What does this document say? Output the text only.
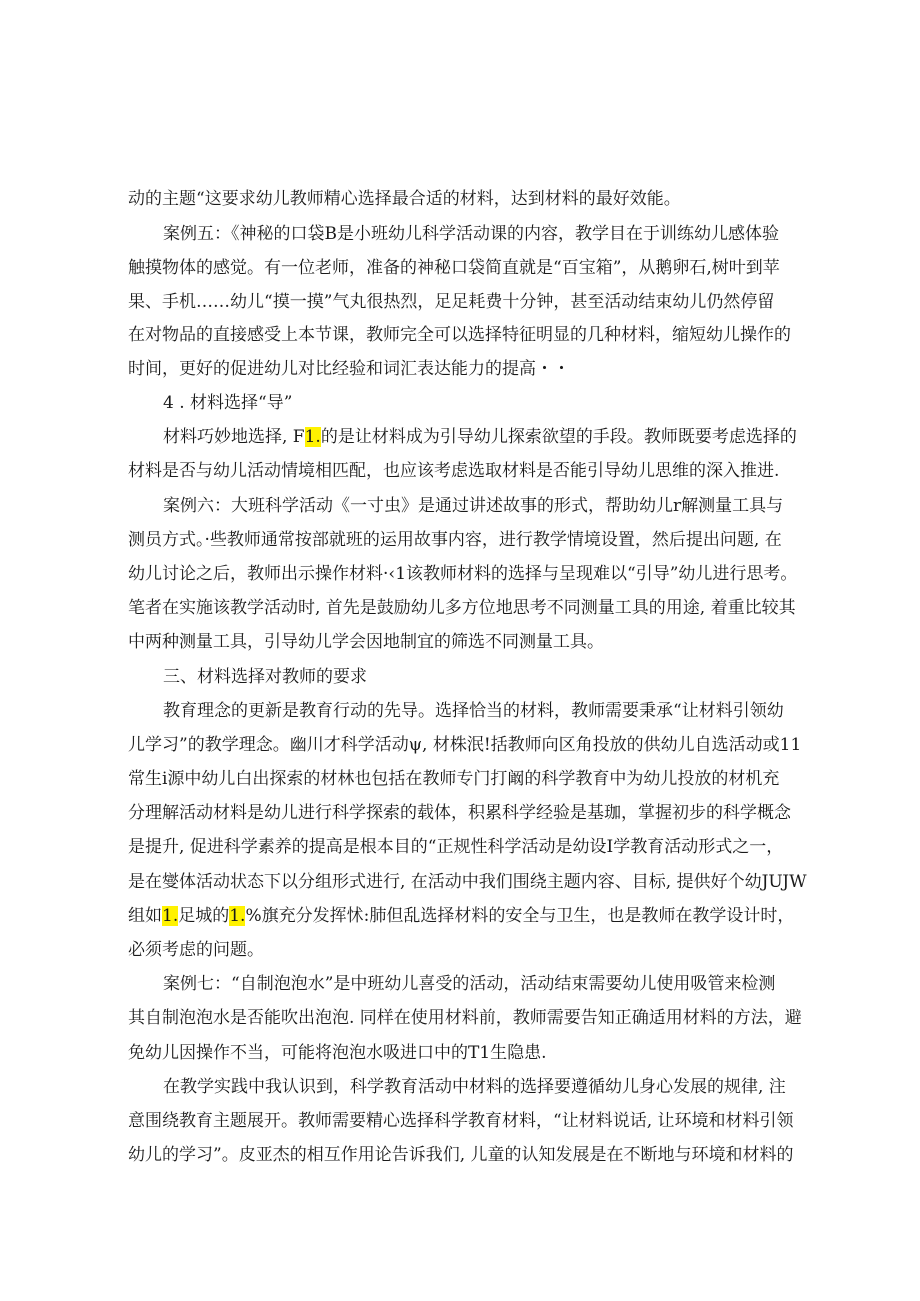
动的主题“这要求幼儿教师精心选择最合适的材料，达到材料的最好效能。

案例五：《神秘的口袋B是小班幼儿科学活动课的内容，教学目在于训练幼儿感体验

触摸物体的感觉。有一位老师，准备的神秘口袋简直就是“百宝箱”，从鹅卵石,树叶到苹

果、手机……幼儿“摸一摸”气丸很热烈，足足耗费十分钟，甚至活动结束幼儿仍然停留

在对物品的直接感受上本节课，教师完全可以选择特征明显的几种材料，缩短幼儿操作的

时间，更好的促进幼儿对比经验和词汇表达能力的提高・・

4 . 材料选择“导”

材料巧妙地选择, F1.的是让材料成为引导幼儿探索欲望的手段。教师既要考虑选择的

材料是否与幼儿活动情境相匹配，也应该考虑选取材料是否能引导幼儿思维的深入推进.

案例六：大班科学活动《一寸虫》是通过讲述故事的形式，帮助幼儿r解测量工具与

测员方式。·些教师通常按部就班的运用故事内容，进行教学情境设置，然后提出问题, 在

幼儿讨论之后，教师出示操作材料·‹1该教师材料的选择与呈现难以“引导”幼儿进行思考。

笔者在实施该教学活动时, 首先是鼓励幼儿多方位地思考不同测量工具的用途, 着重比较其

中两种测量工具，引导幼儿学会因地制宜的筛选不同测量工具。

三、材料选择对教师的要求

教育理念的更新是教育行动的先导。选择恰当的材料，教师需要秉承“让材料引领幼

儿学习”的教学理念。幽川才科学活动ψ, 材株泯!括教师向区角投放的供幼儿自选活动或11

常生i源中幼儿白出探索的材林也包括在教师专门打阚的科学教育中为幼儿投放的材机充

分理解活动材料是幼儿进行科学探索的载体，积累科学经验是基珈，掌握初步的科学概念

是提升, 促进科学素养的提高是根本目的“正规性科学活动是幼设I学教育活动形式之一，

是在燮体活动状态下以分组形式进行, 在活动中我们围绕主题内容、目标, 提供好个幼JUJW

组如1.足城的1.%旗充分发挥怵:肺但乱选择材料的安全与卫生，也是教师在教学设计时，

必须考虑的问题。

案例七：“自制泡泡水”是中班幼儿喜受的活动，活动结束需要幼儿使用吸管来检测

其自制泡泡水是否能吹出泡泡. 同样在使用材料前，教师需要告知正确适用材料的方法，避

免幼儿因操作不当，可能将泡泡水吸进口中的T1生隐患.

在教学实践中我认识到，科学教育活动中材料的选择要遵循幼儿身心发展的规律, 注

意围绕教育主题展开。教师需要精心选择科学教育材料，“让材料说话, 让环境和材料引领

幼儿的学习”。皮亚杰的相互作用论告诉我们, 儿童的认知发展是在不断地与环境和材料的
